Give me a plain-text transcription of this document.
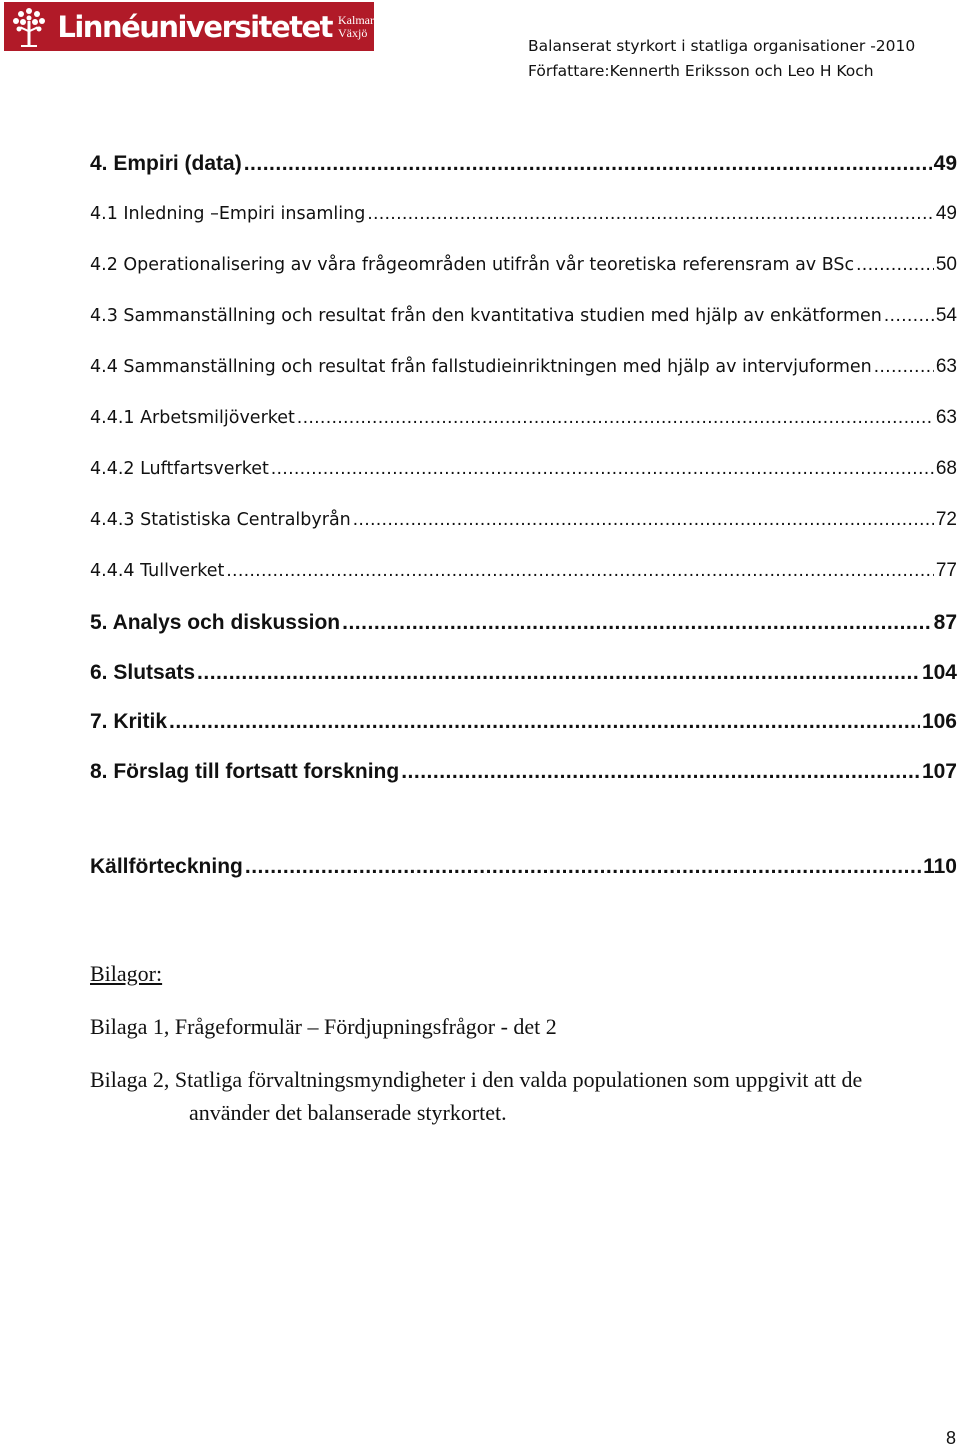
Linnéuniversitetet Kalmar
Växjö
Balanserat styrkort i statliga organisationer -2010
Författare:Kennerth Eriksson och Leo H Koch
4. Empiri (data) .....	49
4.1 Inledning –Empiri insamling .....	49
4.2 Operationalisering av våra frågeområden utifrån vår teoretiska referensram av BSc .....	50
4.3 Sammanställning och resultat från den kvantitativa studien med hjälp av enkätformen .....	54
4.4 Sammanställning och resultat från fallstudieinriktningen med hjälp av intervjuformen .....	63
4.4.1 Arbetsmiljöverket .....	63
4.4.2 Luftfartsverket .....	68
4.4.3 Statistiska Centralbyrån .....	72
4.4.4 Tullverket .....	77
5. Analys och diskussion .....	87
6. Slutsats .....	104
7. Kritik .....	106
8. Förslag till fortsatt forskning .....	107
Källförteckning .....	110
Bilagor:
Bilaga 1, Frågeformulär – Fördjupningsfrågor - det 2
Bilaga 2, Statliga förvaltningsmyndigheter i den valda populationen som uppgivit att de
använder det balanserade styrkortet.
8
